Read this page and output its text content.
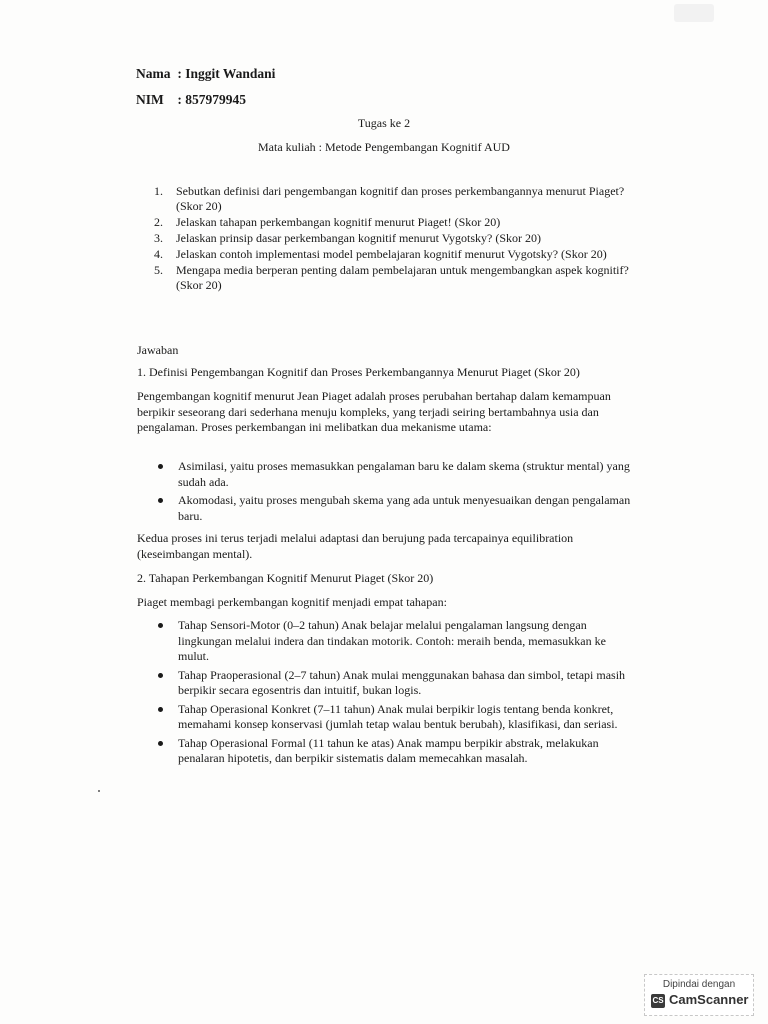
Nama : Inggit Wandani
NIM : 857979945
Tugas ke 2
Mata kuliah : Metode Pengembangan Kognitif AUD
1. Sebutkan definisi dari pengembangan kognitif dan proses perkembangannya menurut Piaget? (Skor 20)
2. Jelaskan tahapan perkembangan kognitif menurut Piaget! (Skor 20)
3. Jelaskan prinsip dasar perkembangan kognitif menurut Vygotsky? (Skor 20)
4. Jelaskan contoh implementasi model pembelajaran kognitif menurut Vygotsky? (Skor 20)
5. Mengapa media berperan penting dalam pembelajaran untuk mengembangkan aspek kognitif? (Skor 20)
Jawaban
1. Definisi Pengembangan Kognitif dan Proses Perkembangannya Menurut Piaget (Skor 20)
Pengembangan kognitif menurut Jean Piaget adalah proses perubahan bertahap dalam kemampuan berpikir seseorang dari sederhana menuju kompleks, yang terjadi seiring bertambahnya usia dan pengalaman. Proses perkembangan ini melibatkan dua mekanisme utama:
Asimilasi, yaitu proses memasukkan pengalaman baru ke dalam skema (struktur mental) yang sudah ada.
Akomodasi, yaitu proses mengubah skema yang ada untuk menyesuaikan dengan pengalaman baru.
Kedua proses ini terus terjadi melalui adaptasi dan berujung pada tercapainya equilibration (keseimbangan mental).
2. Tahapan Perkembangan Kognitif Menurut Piaget (Skor 20)
Piaget membagi perkembangan kognitif menjadi empat tahapan:
Tahap Sensori-Motor (0–2 tahun) Anak belajar melalui pengalaman langsung dengan lingkungan melalui indera dan tindakan motorik. Contoh: meraih benda, memasukkan ke mulut.
Tahap Praoperasional (2–7 tahun) Anak mulai menggunakan bahasa dan simbol, tetapi masih berpikir secara egosentris dan intuitif, bukan logis.
Tahap Operasional Konkret (7–11 tahun) Anak mulai berpikir logis tentang benda konkret, memahami konsep konservasi (jumlah tetap walau bentuk berubah), klasifikasi, dan seriasi.
Tahap Operasional Formal (11 tahun ke atas) Anak mampu berpikir abstrak, melakukan penalaran hipotetis, dan berpikir sistematis dalam memecahkan masalah.
Dipindai dengan
CS CamScanner
